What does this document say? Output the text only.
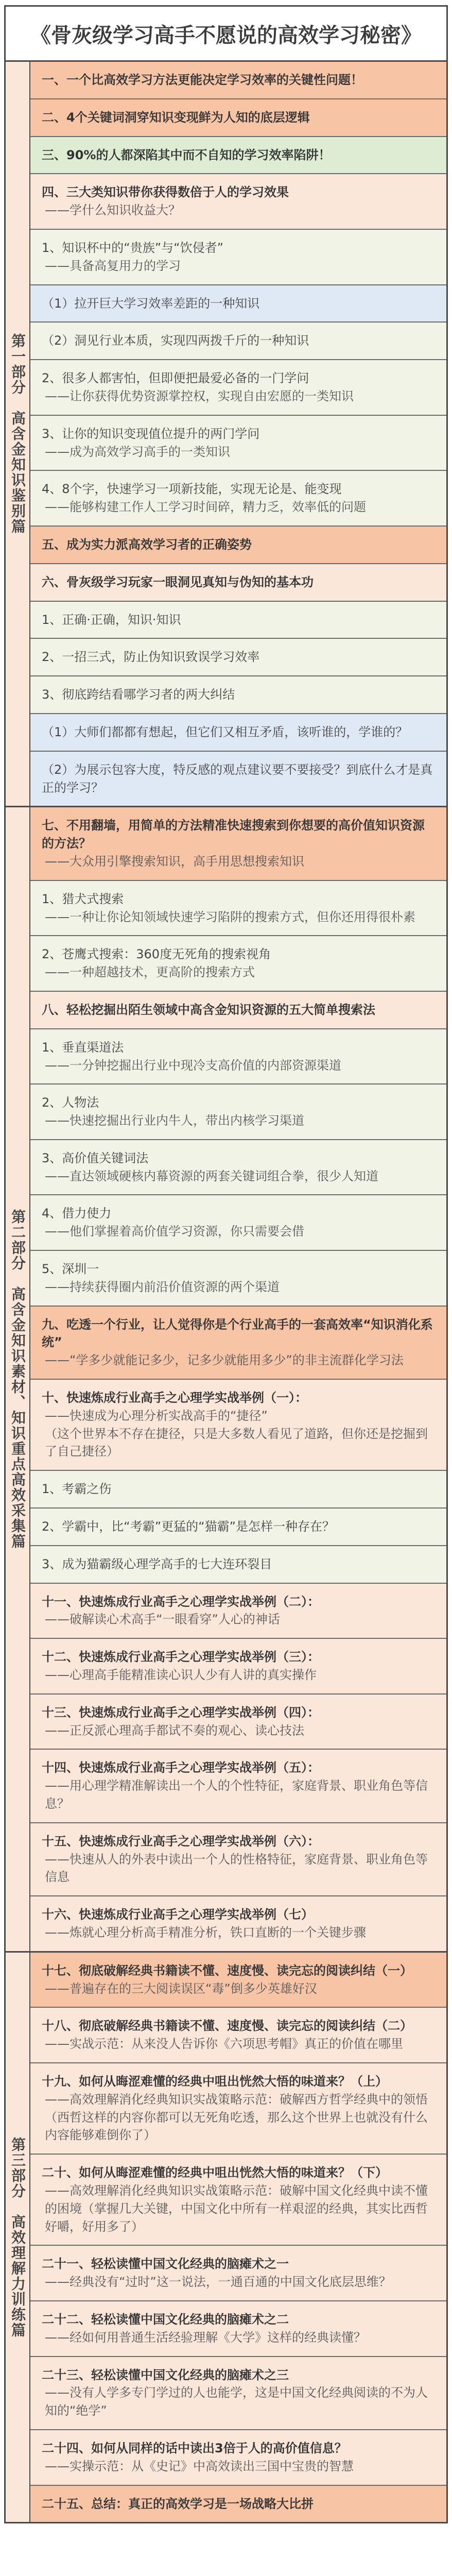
《骨灰级学习高手不愿说的高效学习秘密》
第一部分　高含金知识鉴别篇
一、一个比高效学习方法更能决定学习效率的关键性问题！
二、4个关键词洞穿知识变现鲜为人知的底层逻辑
三、90%的人都深陷其中而不自知的学习效率陷阱！
四、三大类知识带你获得数倍于人的学习效果
——学什么知识收益大？
1、知识杯中的“贵族”与“饮侵者”
——具备高复用力的学习
（1）拉开巨大学习效率差距的一种知识
（2）洞见行业本质，实现四两拨千斤的一种知识
2、很多人都害怕，但即便把最爱必备的一门学问
——让你获得优势资源掌控权，实现自由宏愿的一类知识
3、让你的知识变现值位提升的两门学问
——成为高效学习高手的一类知识
4、8个字，快速学习一项新技能，实现无论是、能变现
——能够构建工作人工学习时间碎，精力乏，效率低的问题
五、成为实力派高效学习者的正确姿势
六、骨灰级学习玩家一眼洞见真知与伪知的基本功
1、正确·正确，知识·知识
2、一招三式，防止伪知识致误学习效率
3、彻底跨结看哪学习者的两大纠结
（1）大师们都都有想起，但它们又相互矛盾，该听谁的，学谁的？
（2）为展示包容大度，特反感的观点建议要不要接受？到底什么才是真正的学习？
第二部分　高含金知识素材、知识重点高效采集篇
七、不用翻墙，用简单的方法精准快速搜索到你想要的高价值知识资源的方法？
——大众用引擎搜索知识，高手用思想搜索知识
1、猎犬式搜索
——一种让你论知领域快速学习陷阱的搜索方式，但你还用得很朴素
2、苍鹰式搜索：360度无死角的搜索视角
——一种超越技术，更高阶的搜索方式
八、轻松挖掘出陌生领域中高含金知识资源的五大简单搜索法
1、垂直渠道法
——一分钟挖掘出行业中现冷支高价值的内部资源渠道
2、人物法
——快速挖掘出行业内牛人，带出内核学习渠道
3、高价值关键词法
——直达领域硬核内幕资源的两套关键词组合拳，很少人知道
4、借力使力
——他们掌握着高价值学习资源，你只需要会借
5、深圳一
——持续获得圈内前沿价值资源的两个渠道
九、吃透一个行业，让人觉得你是个行业高手的一套高效率“知识消化系统”
——“学多少就能记多少，记多少就能用多少”的非主流群化学习法
十、快速炼成行业高手之心理学实战举例（一）：
——快速成为心理分析实战高手的“捷径”
（这个世界本不存在捷径，只是大多数人看见了道路，但你还是挖掘到了自己捷径）
1、考霸之伤
2、学霸中，比“考霸”更猛的“猫霸”是怎样一种存在？
3、成为猫霸级心理学高手的七大连环裂目
十一、快速炼成行业高手之心理学实战举例（二）：
——破解读心术高手“一眼看穿”人心的神话
十二、快速炼成行业高手之心理学实战举例（三）：
——心理高手能精准读心识人少有人讲的真实操作
十三、快速炼成行业高手之心理学实战举例（四）：
——正反派心理高手都试不奏的观心、读心技法
十四、快速炼成行业高手之心理学实战举例（五）：
——用心理学精准解读出一个人的个性特征，家庭背景、职业角色等信息？
十五、快速炼成行业高手之心理学实战举例（六）：
——快速从人的外表中读出一个人的性格特征，家庭背景、职业角色等信息
十六、快速炼成行业高手之心理学实战举例（七）
——炼就心理分析高手精准分析，铁口直断的一个关键步骤
第三部分　高效理解力训练篇
十七、彻底破解经典书籍读不懂、速度慢、读完忘的阅读纠结（一）
——普遍存在的三大阅读误区“毒”倒多少英雄好汉
十八、彻底破解经典书籍读不懂、速度慢、读完忘的阅读纠结（二）
——实战示范：从来没人告诉你《六项思考帽》真正的价值在哪里
十九、如何从晦涩难懂的经典中咀出恍然大悟的味道来？（上）
——高效理解消化经典知识实战策略示范：破解西方哲学经典中的领悟（西哲这样的内容你都可以无死角吃透，那么这个世界上也就没有什么内容能够难倒你了）
二十、如何从晦涩难懂的经典中咀出恍然大悟的味道来？（下）
——高效理解消化经典知识实战策略示范：破解中国文化经典中读不懂的困境（掌握几大关键，中国文化中所有一样艰涩的经典，其实比西哲好嚼，好用多了）
二十一、轻松读懂中国文化经典的脑瘫术之一
——经典没有“过时”这一说法，一通百通的中国文化底层思维？
二十二、轻松读懂中国文化经典的脑瘫术之二
——经如何用普通生活经验理解《大学》这样的经典读懂？
二十三、轻松读懂中国文化经典的脑瘫术之三
——没有人学多专门学过的人也能学，这是中国文化经典阅读的不为人知的“绝学”
二十四、如何从同样的话中读出3倍于人的高价值信息？
——实操示范：从《史记》中高效读出三国中宝贵的智慧
二十五、总结：真正的高效学习是一场战略大比拼
